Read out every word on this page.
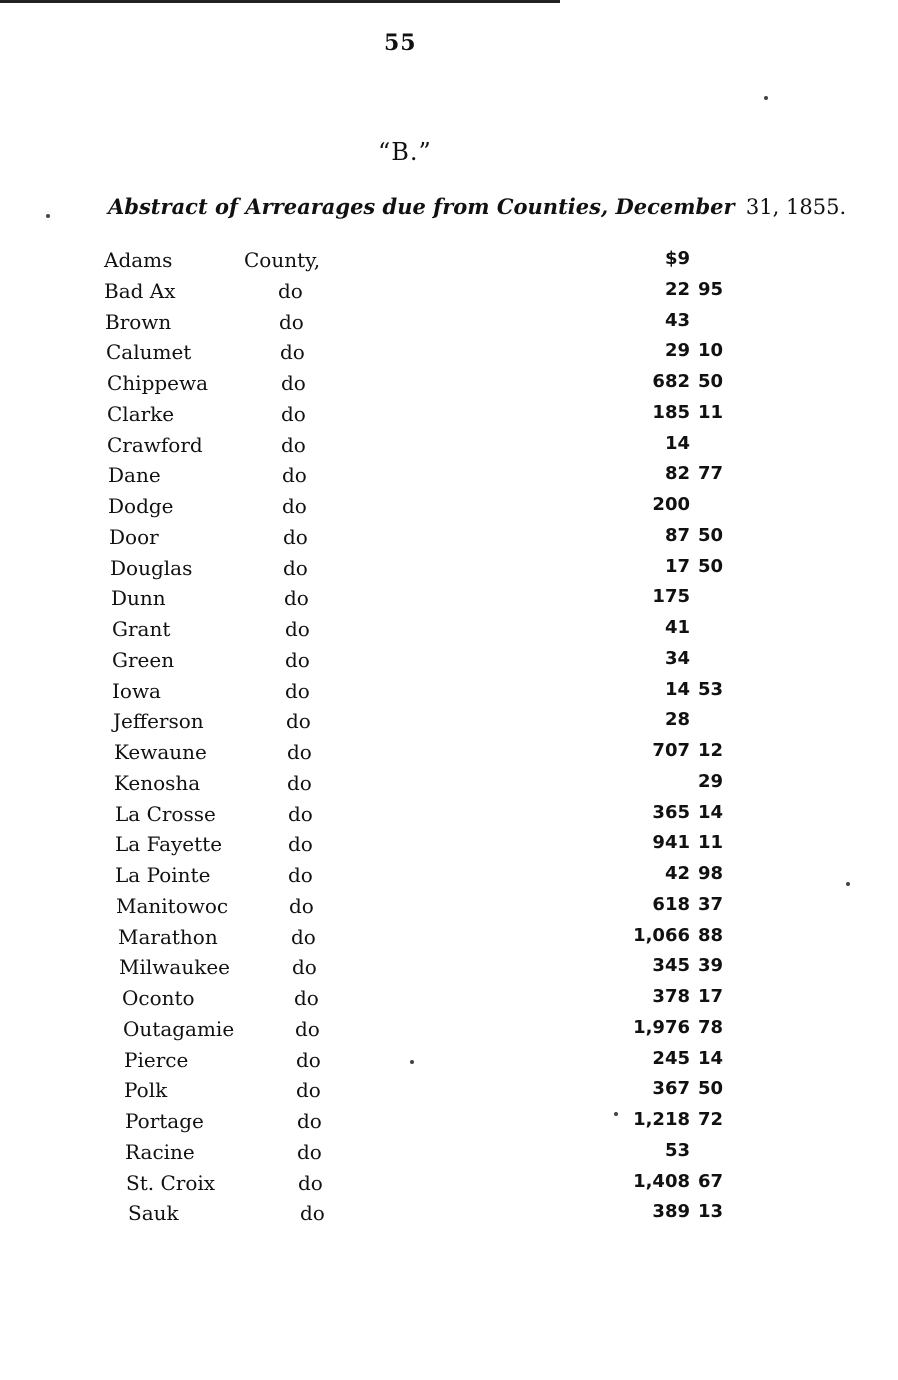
55
“B.”
Abstract of Arrearages due from Counties, December 31, 1855.
Adams	County,	$9
Bad Ax	do	22 95
Brown	do	43
Calumet	do	29 10
Chippewa	do	682 50
Clarke	do	185 11
Crawford	do	14
Dane	do	82 77
Dodge	do	200
Door	do	87 50
Douglas	do	17 50
Dunn	do	175
Grant	do	41
Green	do	34
Iowa	do	14 53
Jefferson	do	28
Kewaune	do	707 12
Kenosha	do	29
La Crosse	do	365 14
La Fayette	do	941 11
La Pointe	do	42 98
Manitowoc	do	618 37
Marathon	do	1,066 88
Milwaukee	do	345 39
Oconto	do	378 17
Outagamie	do	1,976 78
Pierce	do	245 14
Polk	do	367 50
Portage	do	1,218 72
Racine	do	53
St. Croix	do	1,408 67
Sauk	do	389 13
